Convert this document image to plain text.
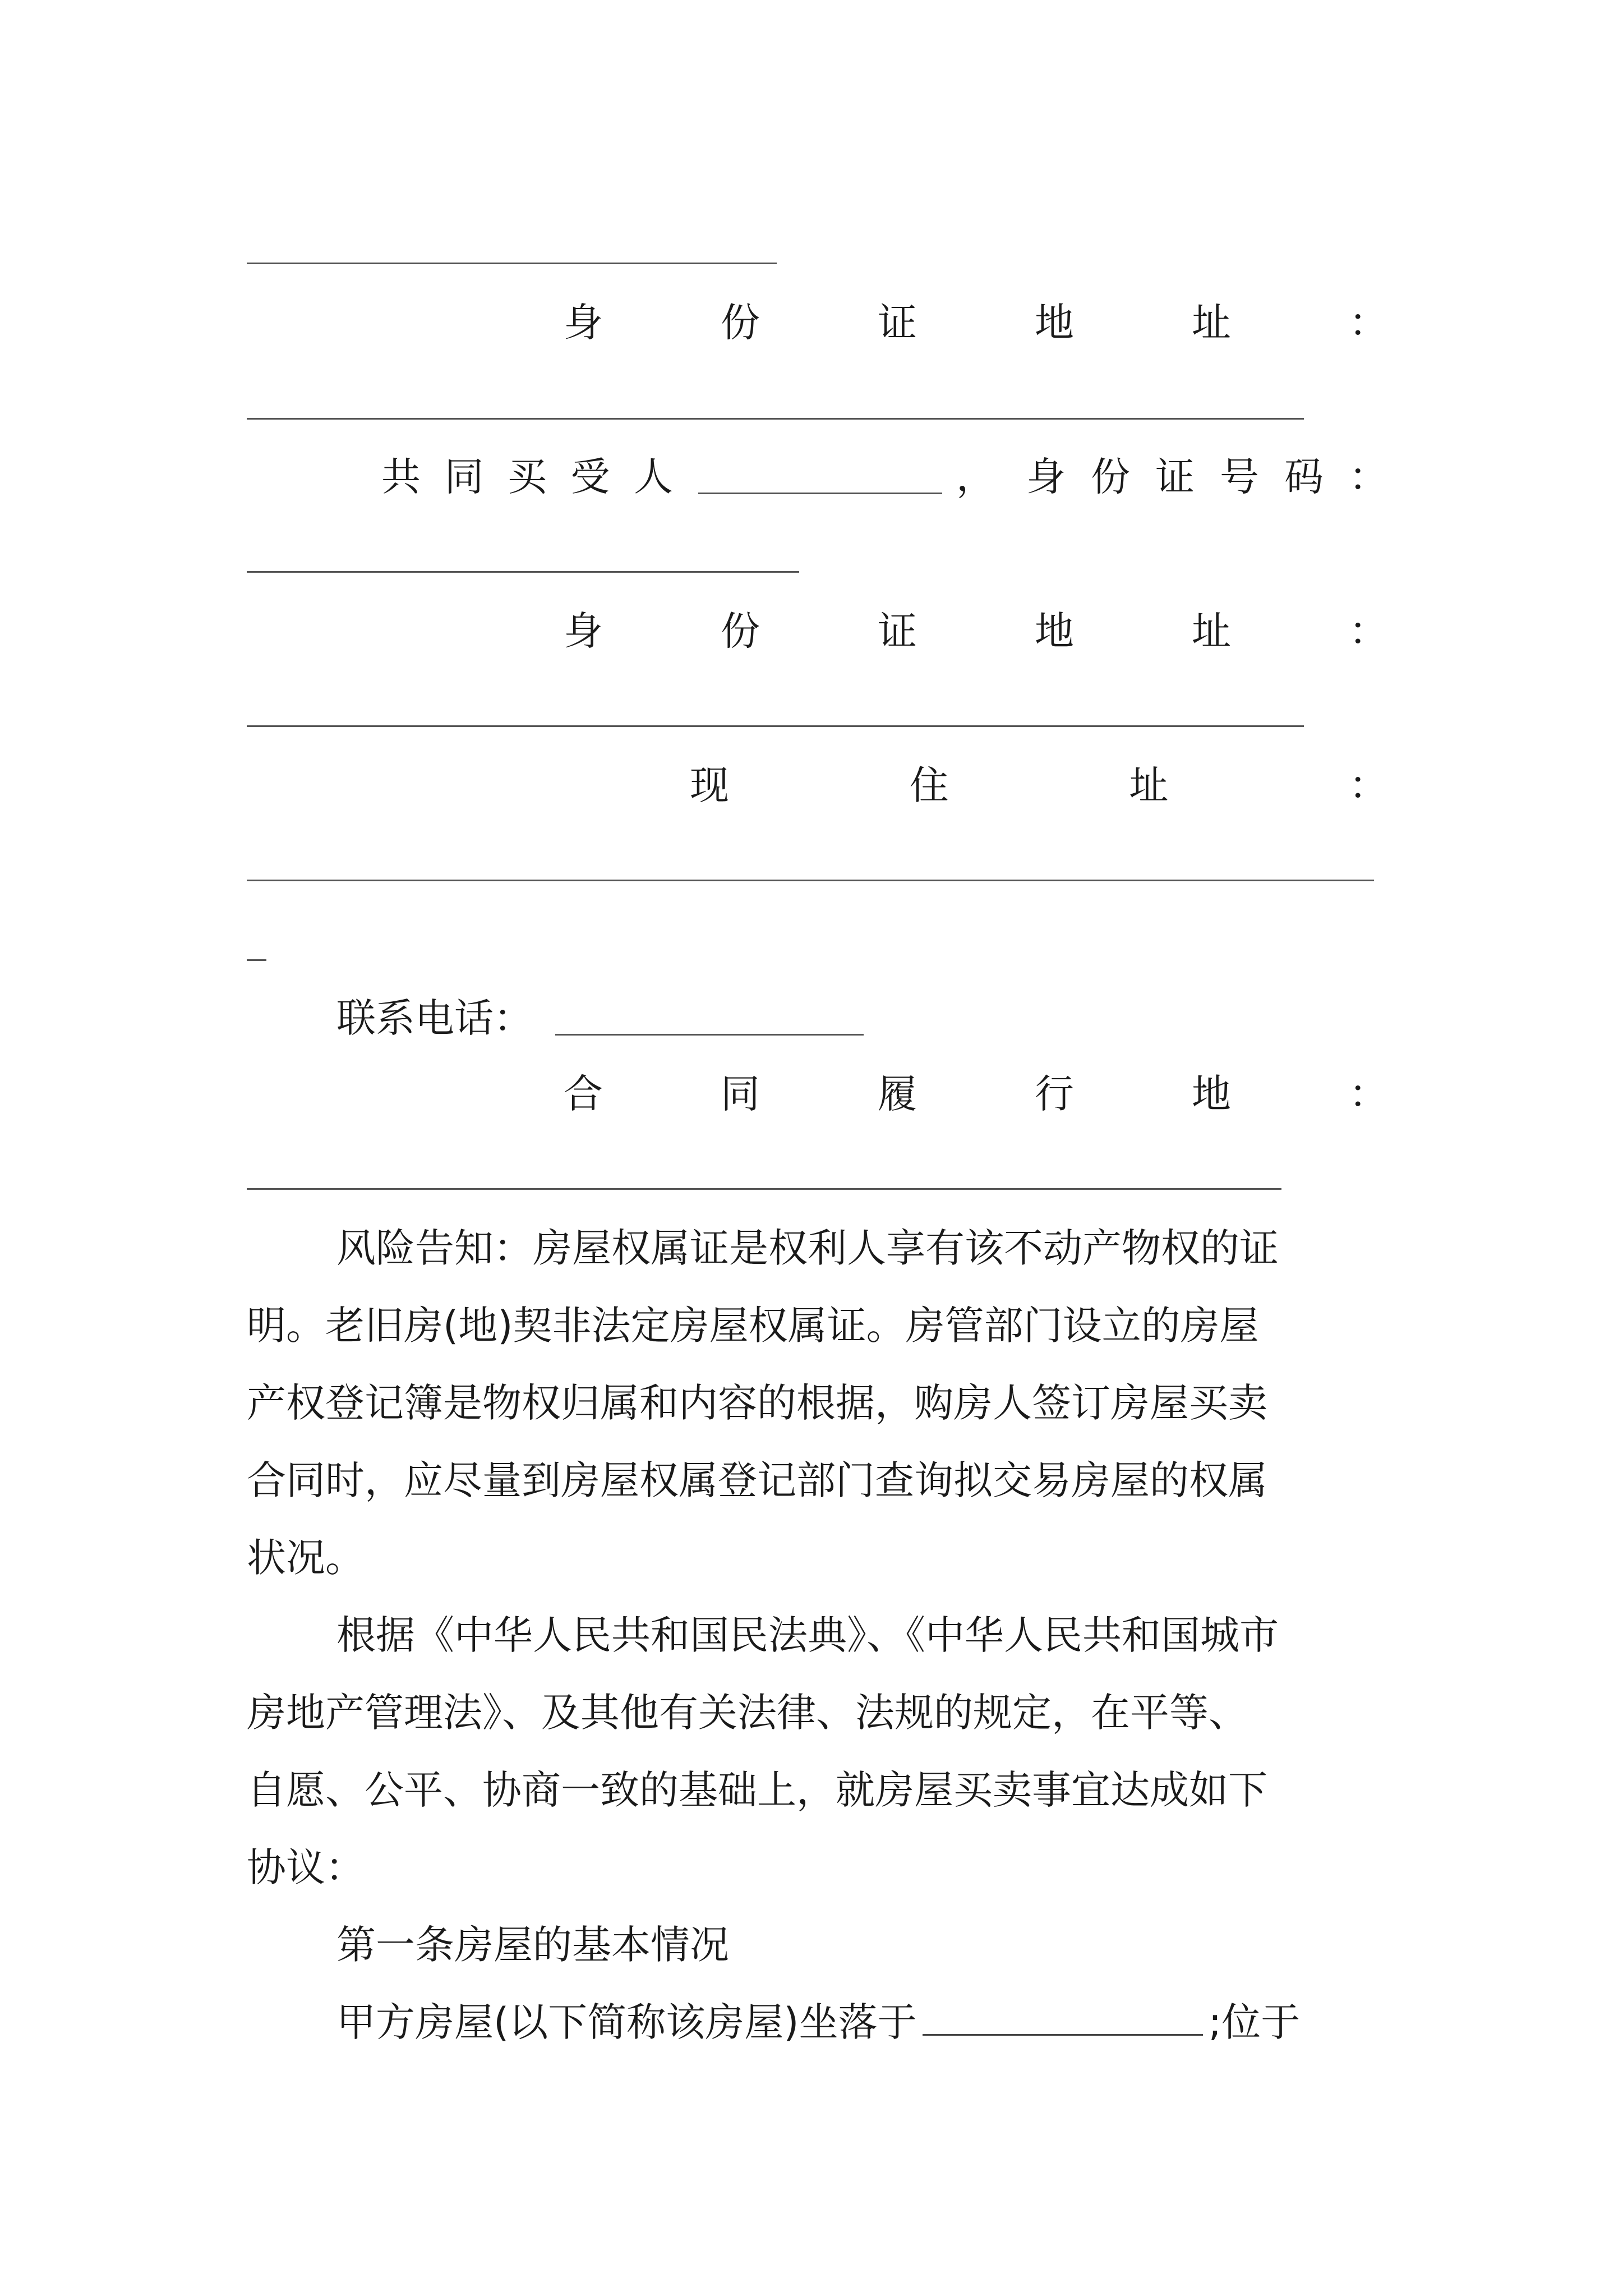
身	份	证	地	址	：
共 同 买 受 人	， 身 份 证 号 码 ：
身	份	证	地	址	：
现	住	址	：
联系电话：
合	同	履	行	地	：
风险告知：房屋权属证是权利人享有该不动产物权的证
明。老旧房(地)契非法定房屋权属证。房管部门设立的房屋
产权登记簿是物权归属和内容的根据，购房人签订房屋买卖
合同时，应尽量到房屋权属登记部门查询拟交易房屋的权属
状况。
根据《中华人民共和国民法典》、《中华人民共和国城市
房地产管理法》、及其他有关法律、法规的规定，在平等、
自愿、公平、协商一致的基础上，就房屋买卖事宜达成如下
协议：
第一条房屋的基本情况
甲方房屋(以下简称该房屋)坐落于	;位于
